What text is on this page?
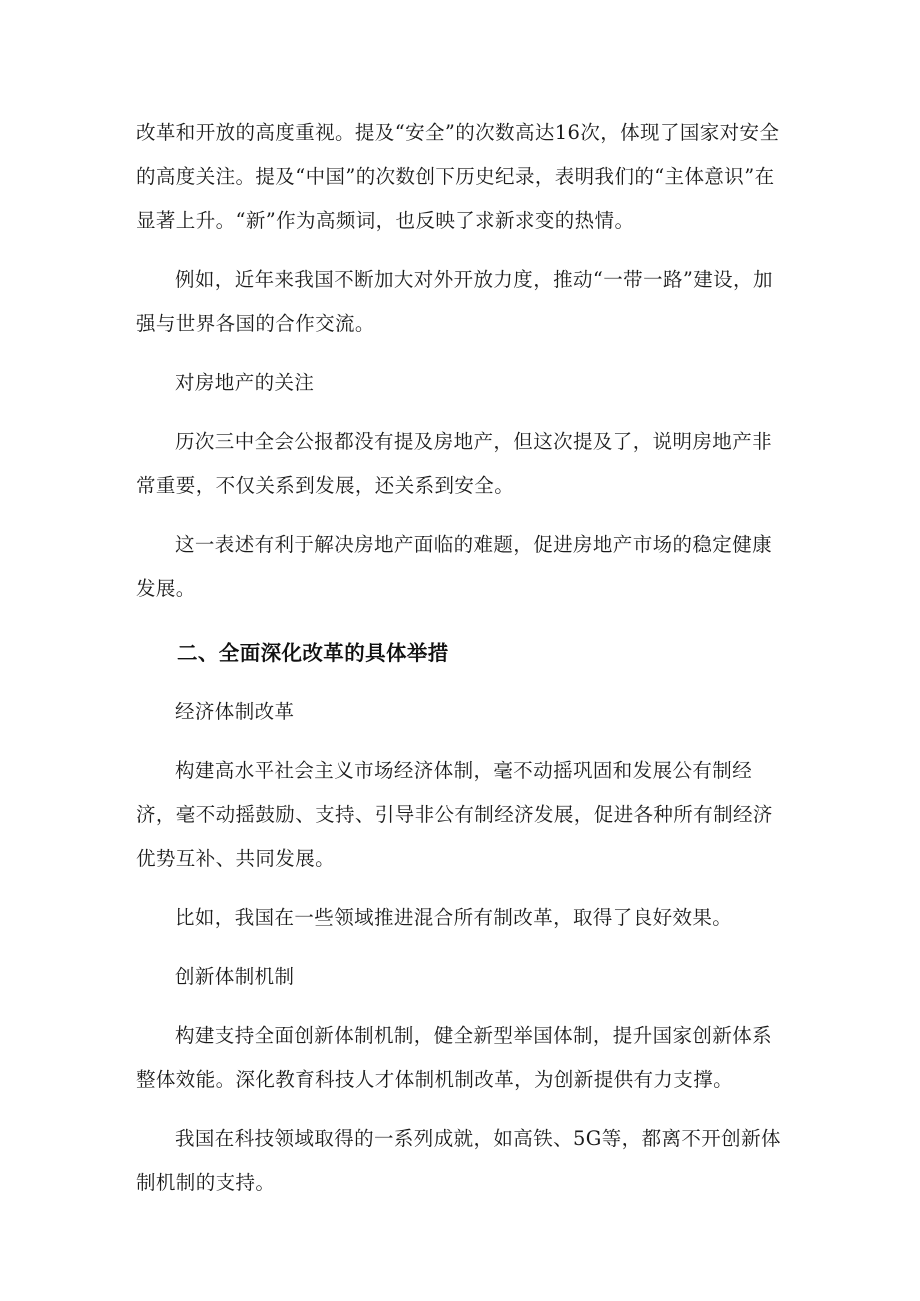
改革和开放的高度重视。提及“安全”的次数高达16次，体现了国家对安全的高度关注。提及“中国”的次数创下历史纪录，表明我们的“主体意识”在显著上升。“新”作为高频词，也反映了求新求变的热情。

例如，近年来我国不断加大对外开放力度，推动“一带一路”建设，加强与世界各国的合作交流。

对房地产的关注

历次三中全会公报都没有提及房地产，但这次提及了，说明房地产非常重要，不仅关系到发展，还关系到安全。

这一表述有利于解决房地产面临的难题，促进房地产市场的稳定健康发展。

二、全面深化改革的具体举措

经济体制改革

构建高水平社会主义市场经济体制，毫不动摇巩固和发展公有制经济，毫不动摇鼓励、支持、引导非公有制经济发展，促进各种所有制经济优势互补、共同发展。

比如，我国在一些领域推进混合所有制改革，取得了良好效果。

创新体制机制

构建支持全面创新体制机制，健全新型举国体制，提升国家创新体系整体效能。深化教育科技人才体制机制改革，为创新提供有力支撑。

我国在科技领域取得的一系列成就，如高铁、5G等，都离不开创新体制机制的支持。
